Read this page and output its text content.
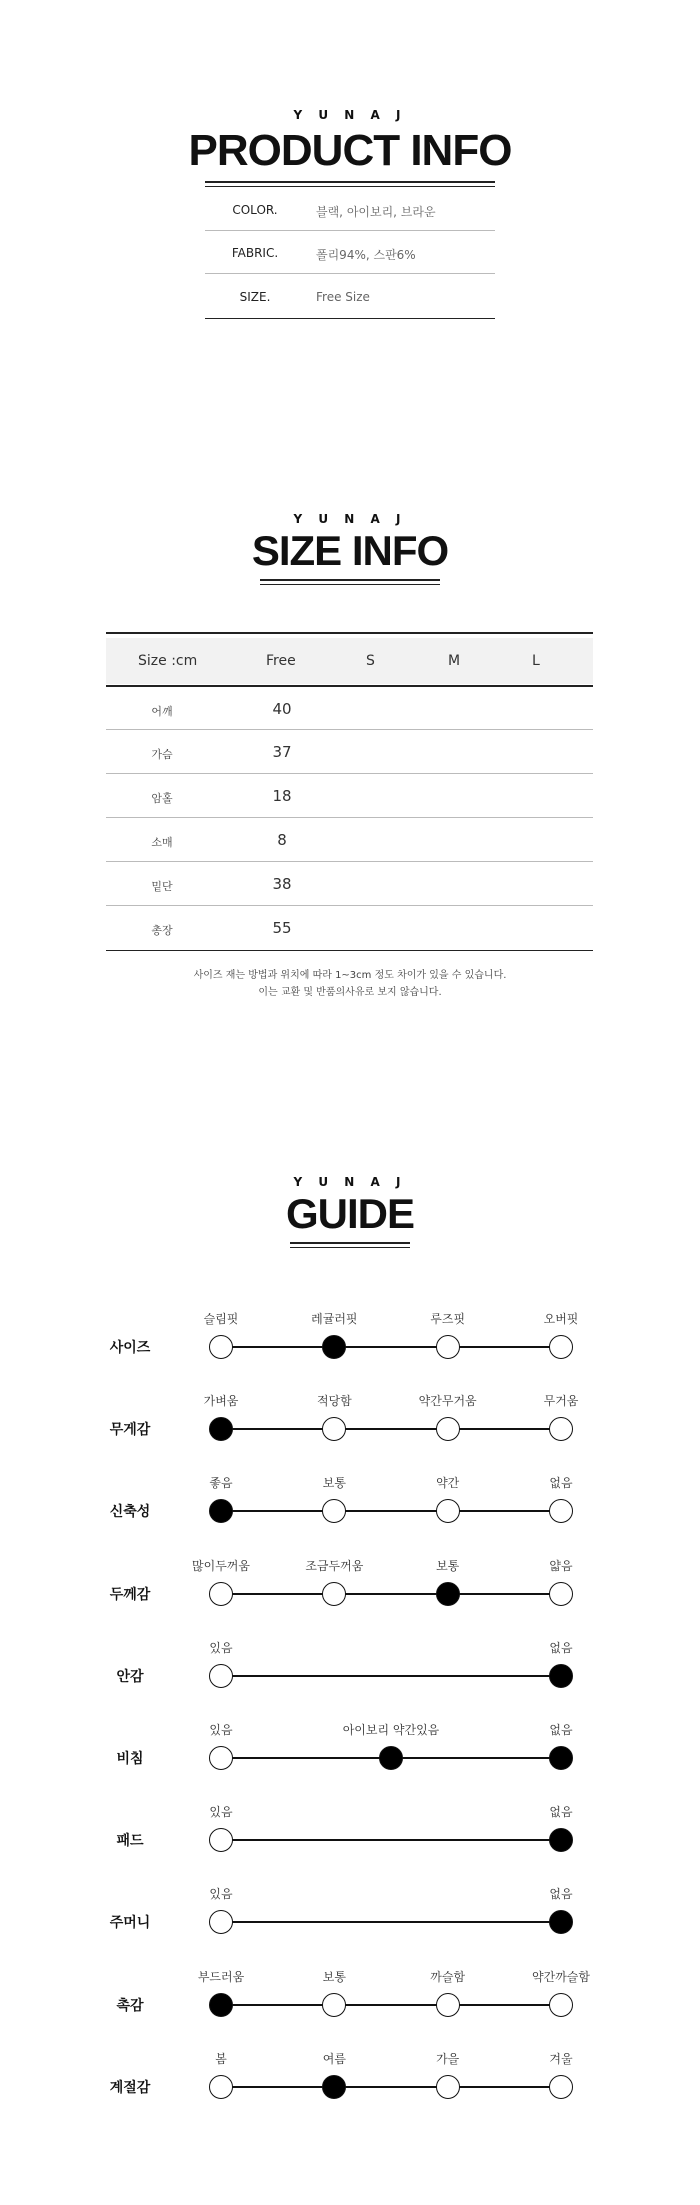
Y U N A J
PRODUCT INFO
COLOR.	블랙, 아이보리, 브라운
FABRIC.	폴리94%, 스판6%
SIZE.	Free Size
Y U N A J
SIZE INFO
Size :cm	Free	S	M	L
어깨	40
가슴	37
암홀	18
소매	8
밑단	38
총장	55
사이즈 재는 방법과 위치에 따라 1~3cm 정도 차이가 있을 수 있습니다.
이는 교환 및 반품의사유로 보지 않습니다.
Y U N A J
GUIDE
사이즈
슬림핏	레귤러핏	루즈핏	오버핏
무게감
가벼움	적당함	약간무거움	무거움
신축성
좋음	보통	약간	없음
두께감
많이두꺼움	조금두꺼움	보통	얇음
안감
있음	없음
비침
있음	아이보리 약간있음	없음
패드
있음	없음
주머니
있음	없음
촉감
부드러움	보통	까슬함	약간까슬함
계절감
봄	여름	가을	겨울
